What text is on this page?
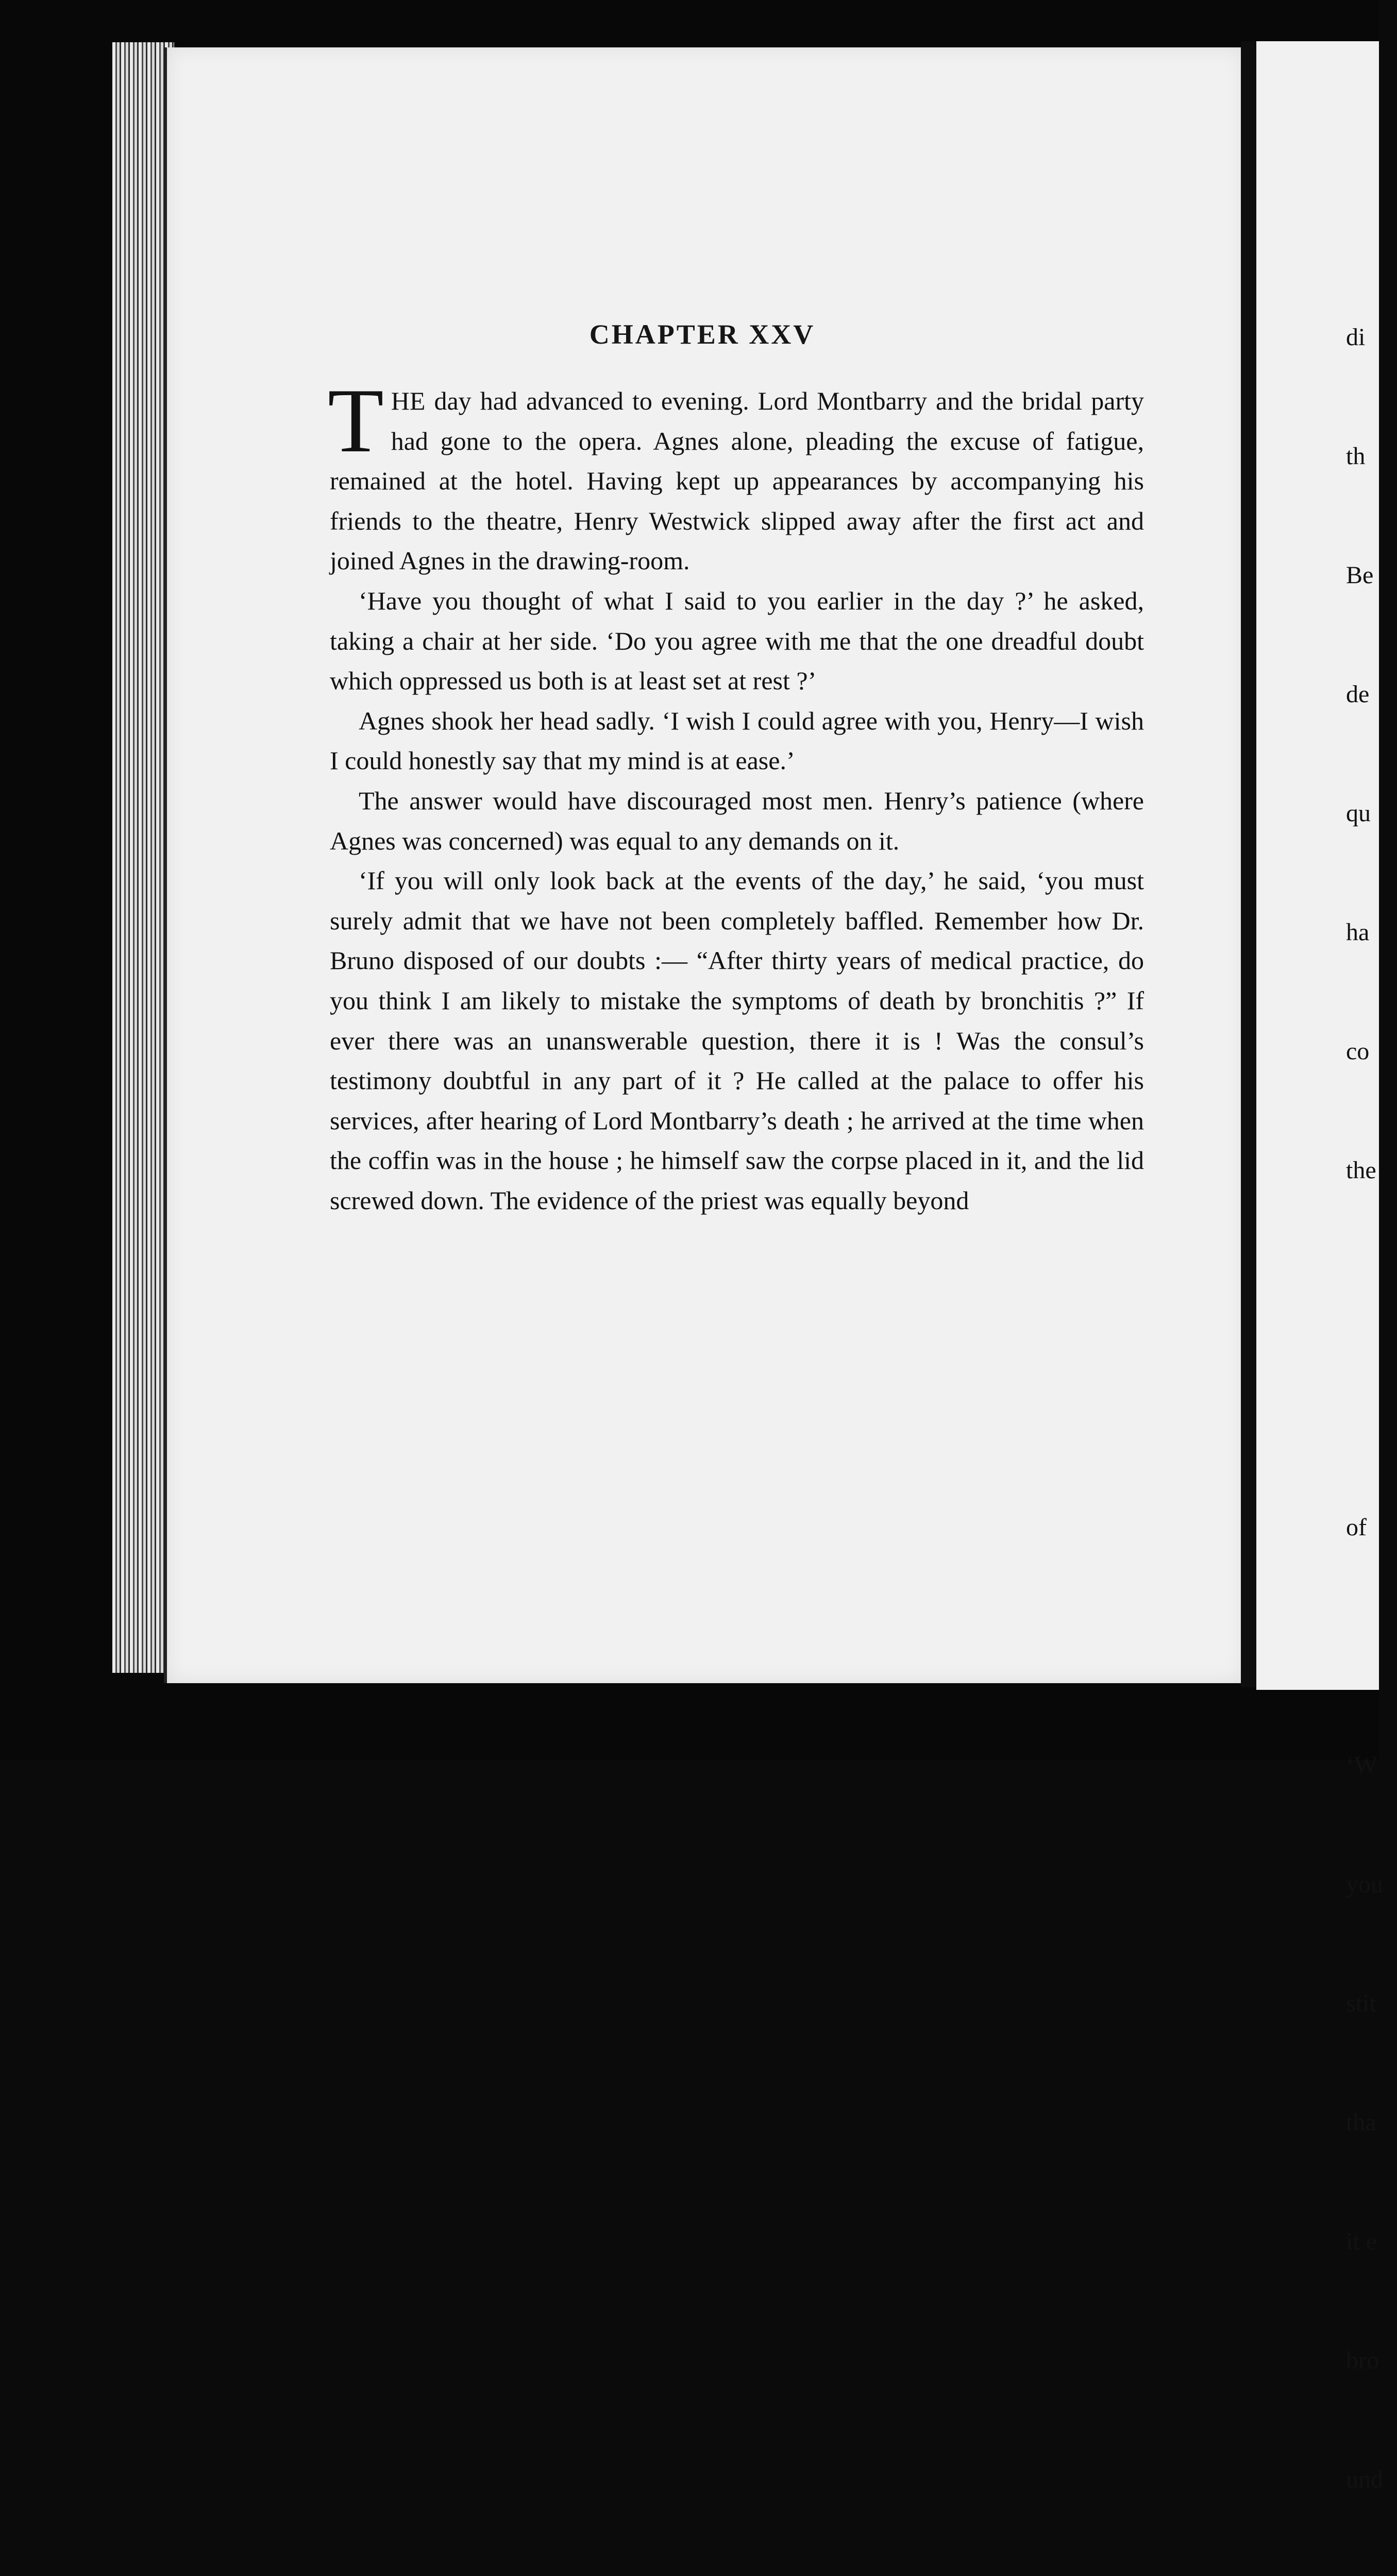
CHAPTER XXV

THE day had advanced to evening. Lord Montbarry and the bridal party had gone to the opera. Agnes alone, pleading the excuse of fatigue, remained at the hotel. Having kept up appearances by accompanying his friends to the theatre, Henry Westwick slipped away after the first act and joined Agnes in the drawing-room.

‘Have you thought of what I said to you earlier in the day ?’ he asked, taking a chair at her side. ‘Do you agree with me that the one dreadful doubt which oppressed us both is at least set at rest ?’

Agnes shook her head sadly. ‘I wish I could agree with you, Henry—I wish I could honestly say that my mind is at ease.’

The answer would have discouraged most men. Henry’s patience (where Agnes was concerned) was equal to any demands on it.

‘If you will only look back at the events of the day,’ he said, ‘you must surely admit that we have not been completely baffled. Remember how Dr. Bruno disposed of our doubts :— “After thirty years of medical practice, do you think I am likely to mistake the symptoms of death by bronchitis ?” If ever there was an unanswerable question, there it is ! Was the consul’s testimony doubtful in any part of it ? He called at the palace to offer his services, after hearing of Lord Montbarry’s death ; he arrived at the time when the coffin was in the house ; he himself saw the corpse placed in it, and the lid screwed down. The evidence of the priest was equally beyond

di

th

Be

de

qu

ha

co

the

of

‘W

you

stit

tha

it e

bro

und
